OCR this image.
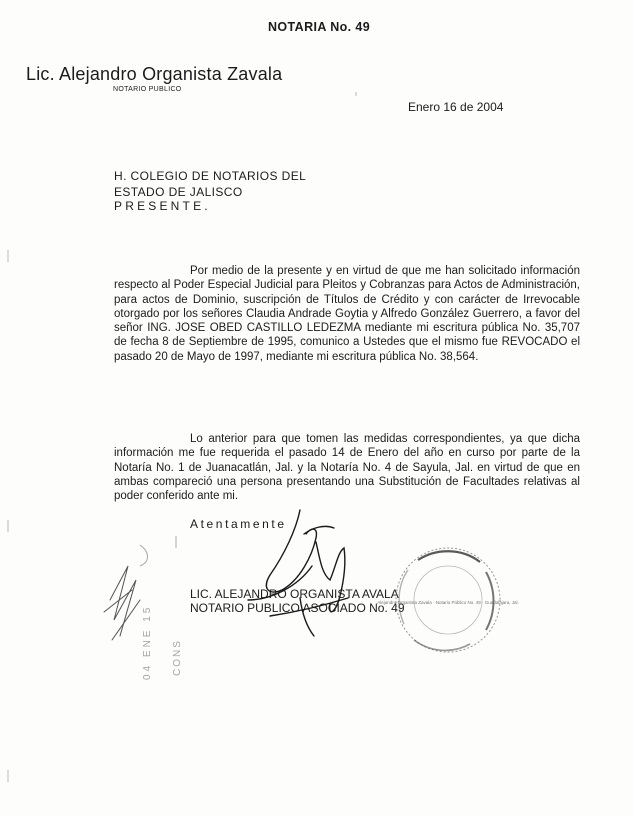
NOTARIA No. 49
Lic. Alejandro Organista Zavala
NOTARIO PUBLICO
Enero 16 de 2004
H. COLEGIO DE NOTARIOS DEL
ESTADO DE JALISCO
PRESENTE.
Por medio de la presente y en virtud de que me han solicitado información respecto al Poder Especial Judicial para Pleitos y Cobranzas para Actos de Administración, para actos de Dominio, suscripción de Títulos de Crédito y con carácter de Irrevocable otorgado por los señores Claudia Andrade Goytia y Alfredo González Guerrero, a favor del señor ING. JOSE OBED CASTILLO LEDEZMA mediante mi escritura pública No. 35,707 de fecha 8 de Septiembre de 1995, comunico a Ustedes que el mismo fue REVOCADO el pasado 20 de Mayo de 1997, mediante mi escritura pública No. 38,564.
Lo anterior para que tomen las medidas correspondientes, ya que dicha información me fue requerida el pasado 14 de Enero del año en curso por parte de la Notaría No. 1 de Juanacatlán, Jal. y la Notaría No. 4 de Sayula, Jal. en virtud de que en ambas compareció una persona presentando una Substitución de Facultades relativas al poder conferido ante mi.
Atentamente
LIC. ALEJANDRO ORGANISTA AVALA
NOTARIO PUBLICO ASOCIADO No. 49
Alejandro Organista Zavala · Notario Público No. 49 · Guadalajara, Jal.
04 ENE 15 CONS
